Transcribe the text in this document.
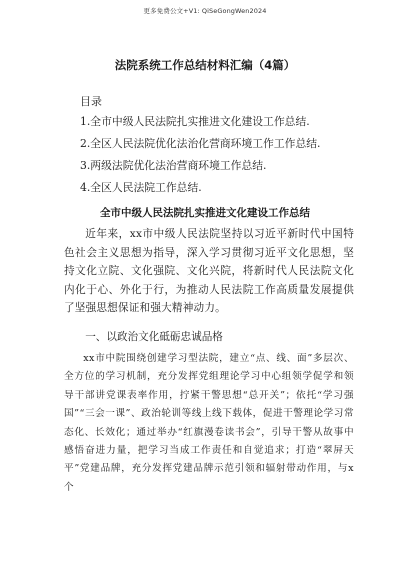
更多免费公文+V1: QiSeGongWen2024
法院系统工作总结材料汇编（4篇）
目录
1.全市中级人民法院扎实推进文化建设工作总结.
2.全区人民法院优化法治化营商环境工作工作总结.
3.两级法院优化法治营商环境工作总结.
4.全区人民法院工作总结.
全市中级人民法院扎实推进文化建设工作总结
近年来，xx市中级人民法院坚持以习近平新时代中国特色社会主义思想为指导，深入学习贯彻习近平文化思想，坚持文化立院、文化强院、文化兴院，将新时代人民法院文化内化于心、外化于行，为推动人民法院工作高质量发展提供了坚强思想保证和强大精神动力。
一、以政治文化砥砺忠诚品格
xx市中院围绕创建学习型法院，建立“点、线、面”多层次、全方位的学习机制，充分发挥党组理论学习中心组领学促学和领导干部讲党课表率作用，拧紧干警思想“总开关”；依托“学习强国”“三会一课”、政治轮训等线上线下载体，促进干警理论学习常态化、长效化；通过举办“红旗漫卷读书会”，引导干警从故事中感悟奋进力量，把学习当成工作责任和自觉追求；打造“翠屏天平”党建品牌，充分发挥党建品牌示范引领和辐射带动作用，与x个
